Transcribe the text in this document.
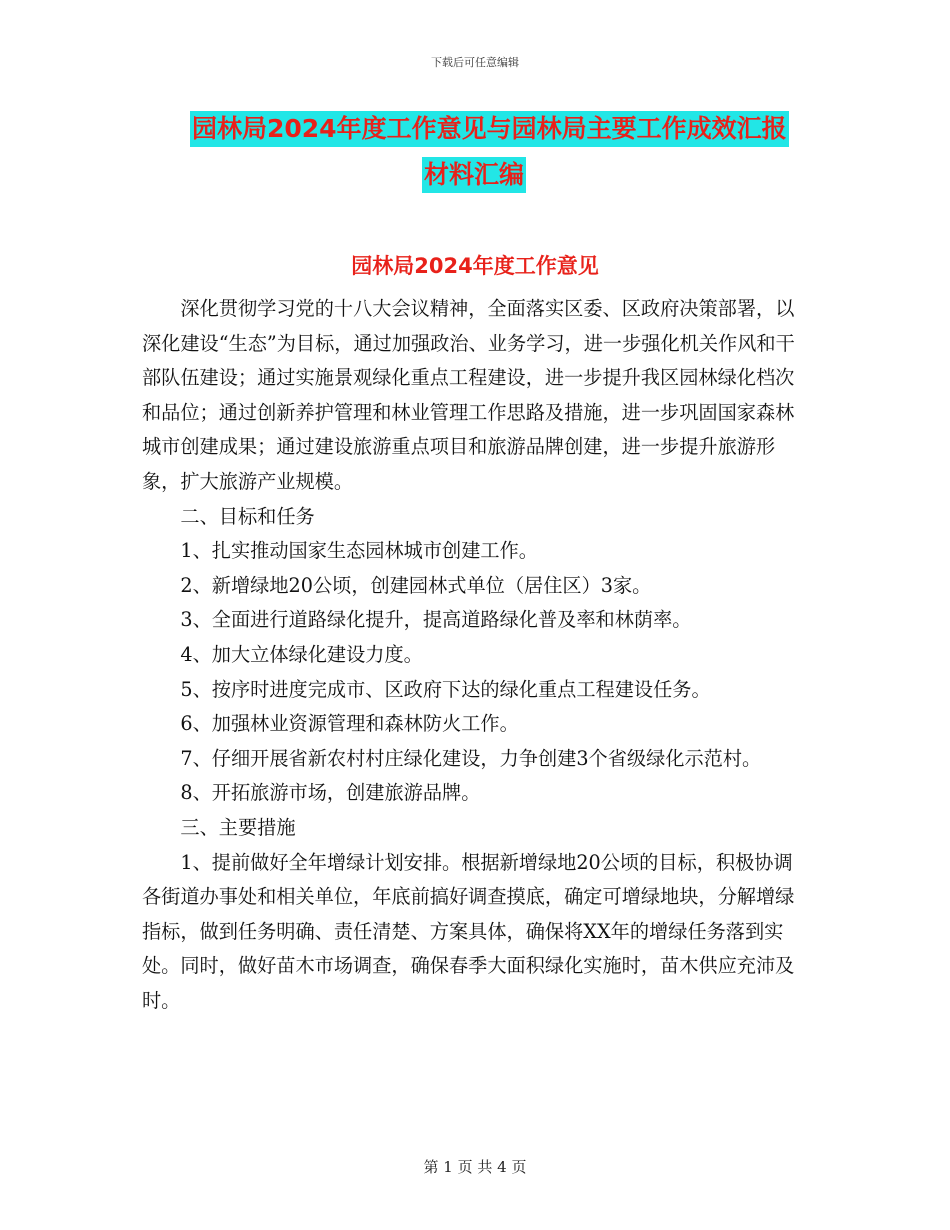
下载后可任意编辑
园林局2024年度工作意见与园林局主要工作成效汇报
材料汇编
园林局2024年度工作意见

深化贯彻学习党的十八大会议精神，全面落实区委、区政府决策部署，以深化建设“生态”为目标，通过加强政治、业务学习，进一步强化机关作风和干部队伍建设；通过实施景观绿化重点工程建设，进一步提升我区园林绿化档次和品位；通过创新养护管理和林业管理工作思路及措施，进一步巩固国家森林城市创建成果；通过建设旅游重点项目和旅游品牌创建，进一步提升旅游形象，扩大旅游产业规模。

二、目标和任务

1、扎实推动国家生态园林城市创建工作。

2、新增绿地20公顷，创建园林式单位（居住区）3家。

3、全面进行道路绿化提升，提高道路绿化普及率和林荫率。

4、加大立体绿化建设力度。

5、按序时进度完成市、区政府下达的绿化重点工程建设任务。

6、加强林业资源管理和森林防火工作。

7、仔细开展省新农村村庄绿化建设，力争创建3个省级绿化示范村。

8、开拓旅游市场，创建旅游品牌。

三、主要措施

1、提前做好全年增绿计划安排。根据新增绿地20公顷的目标，积极协调各街道办事处和相关单位，年底前搞好调查摸底，确定可增绿地块，分解增绿指标，做到任务明确、责任清楚、方案具体，确保将XX年的增绿任务落到实处。同时，做好苗木市场调查，确保春季大面积绿化实施时，苗木供应充沛及时。

第 1 页 共 4 页
